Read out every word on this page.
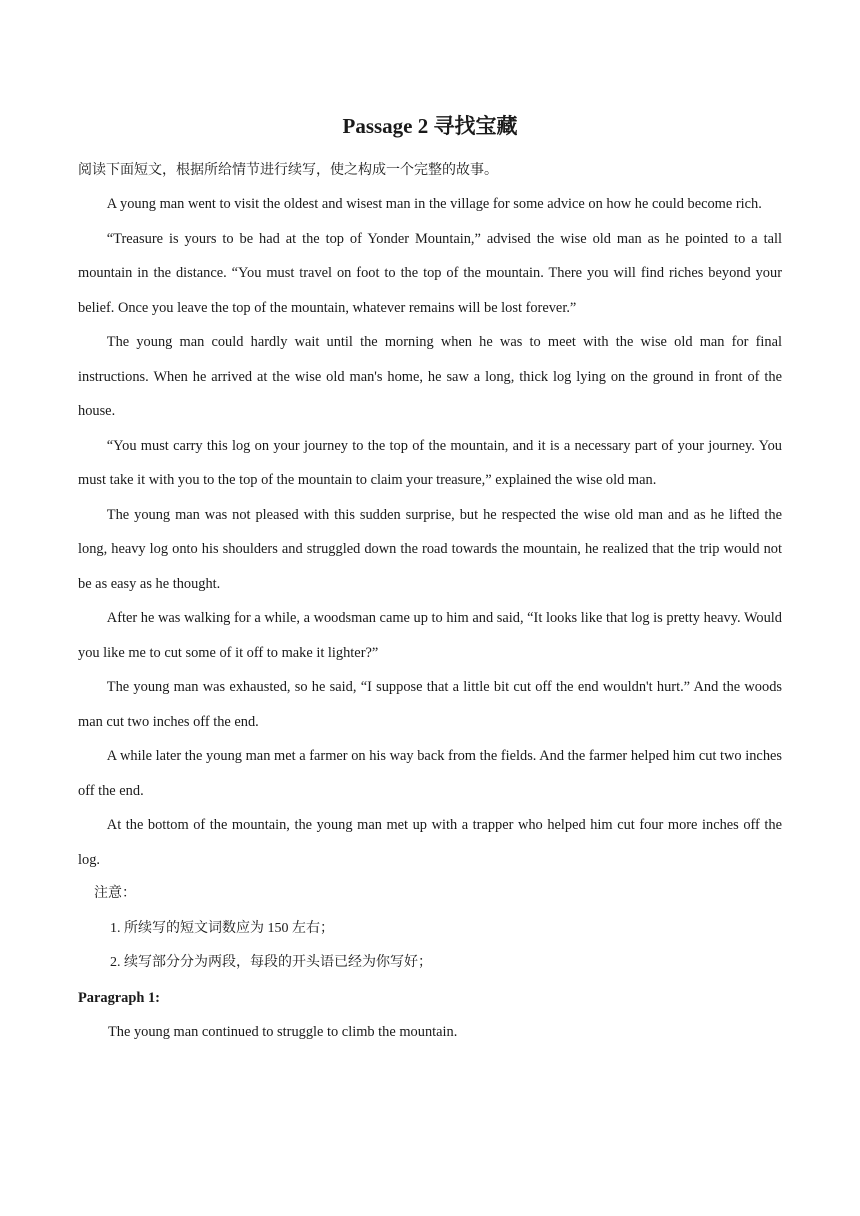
Passage 2 寻找宝藏

阅读下面短文，根据所给情节进行续写，使之构成一个完整的故事。

A young man went to visit the oldest and wisest man in the village for some advice on how he could become rich.

“Treasure is yours to be had at the top of Yonder Mountain,” advised the wise old man as he pointed to a tall mountain in the distance. “You must travel on foot to the top of the mountain. There you will find riches beyond your belief. Once you leave the top of the mountain, whatever remains will be lost forever.”

The young man could hardly wait until the morning when he was to meet with the wise old man for final instructions. When he arrived at the wise old man's home, he saw a long, thick log lying on the ground in front of the house.

“You must carry this log on your journey to the top of the mountain, and it is a necessary part of your journey. You must take it with you to the top of the mountain to claim your treasure,” explained the wise old man.

The young man was not pleased with this sudden surprise, but he respected the wise old man and as he lifted the long, heavy log onto his shoulders and struggled down the road towards the mountain, he realized that the trip would not be as easy as he thought.

After he was walking for a while, a woodsman came up to him and said, “It looks like that log is pretty heavy. Would you like me to cut some of it off to make it lighter?”

The young man was exhausted, so he said, “I suppose that a little bit cut off the end wouldn't hurt.” And the woods man cut two inches off the end.

A while later the young man met a farmer on his way back from the fields. And the farmer helped him cut two inches off the end.

At the bottom of the mountain, the young man met up with a trapper who helped him cut four more inches off the log.

注意：
1. 所续写的短文词数应为 150 左右；
2. 续写部分分为两段，每段的开头语已经为你写好；
Paragraph 1:
The young man continued to struggle to climb the mountain.
